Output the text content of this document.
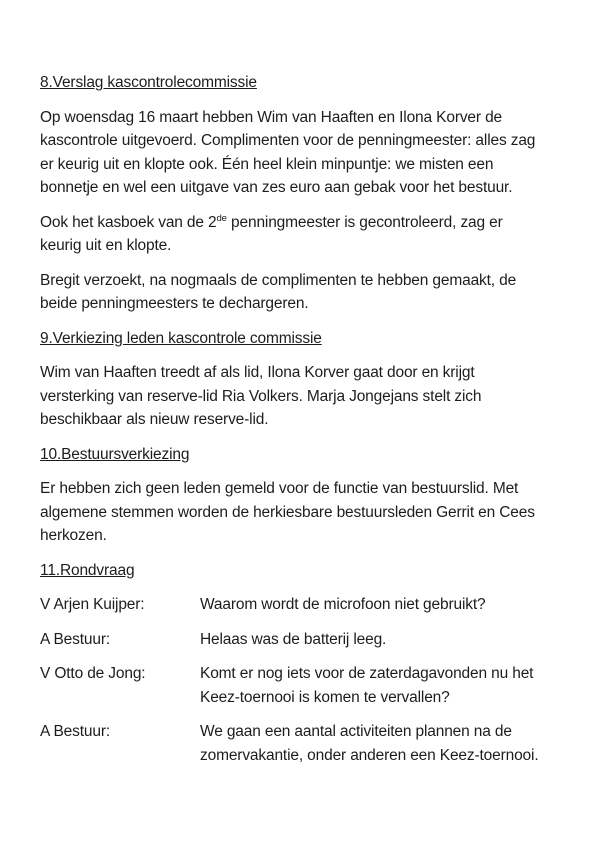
8.Verslag kascontrolecommissie
Op woensdag 16 maart hebben Wim van Haaften en Ilona Korver de
kascontrole uitgevoerd. Complimenten voor de penningmeester: alles zag
er keurig uit en klopte ook. Één heel klein minpuntje: we misten een
bonnetje en wel een uitgave van zes euro aan gebak voor het bestuur.
Ook het kasboek van de 2de penningmeester is gecontroleerd, zag er
keurig uit en klopte.
Bregit verzoekt, na nogmaals de complimenten te hebben gemaakt, de
beide penningmeesters te dechargeren.
9.Verkiezing leden kascontrole commissie
Wim van Haaften treedt af als lid, Ilona Korver gaat door en krijgt
versterking van reserve-lid Ria Volkers. Marja Jongejans stelt zich
beschikbaar als nieuw reserve-lid.
10.Bestuursverkiezing
Er hebben zich geen leden gemeld voor de functie van bestuurslid. Met
algemene stemmen worden de herkiesbare bestuursleden Gerrit en Cees
herkozen.
11.Rondvraag
V Arjen Kuijper:	Waarom wordt de microfoon niet gebruikt?
A Bestuur:	Helaas was de batterij leeg.
V Otto de Jong:	Komt er nog iets voor de zaterdagavonden nu het
Keez-toernooi is komen te vervallen?
A Bestuur:	We gaan een aantal activiteiten plannen na de
zomervakantie, onder anderen een Keez-toernooi.
